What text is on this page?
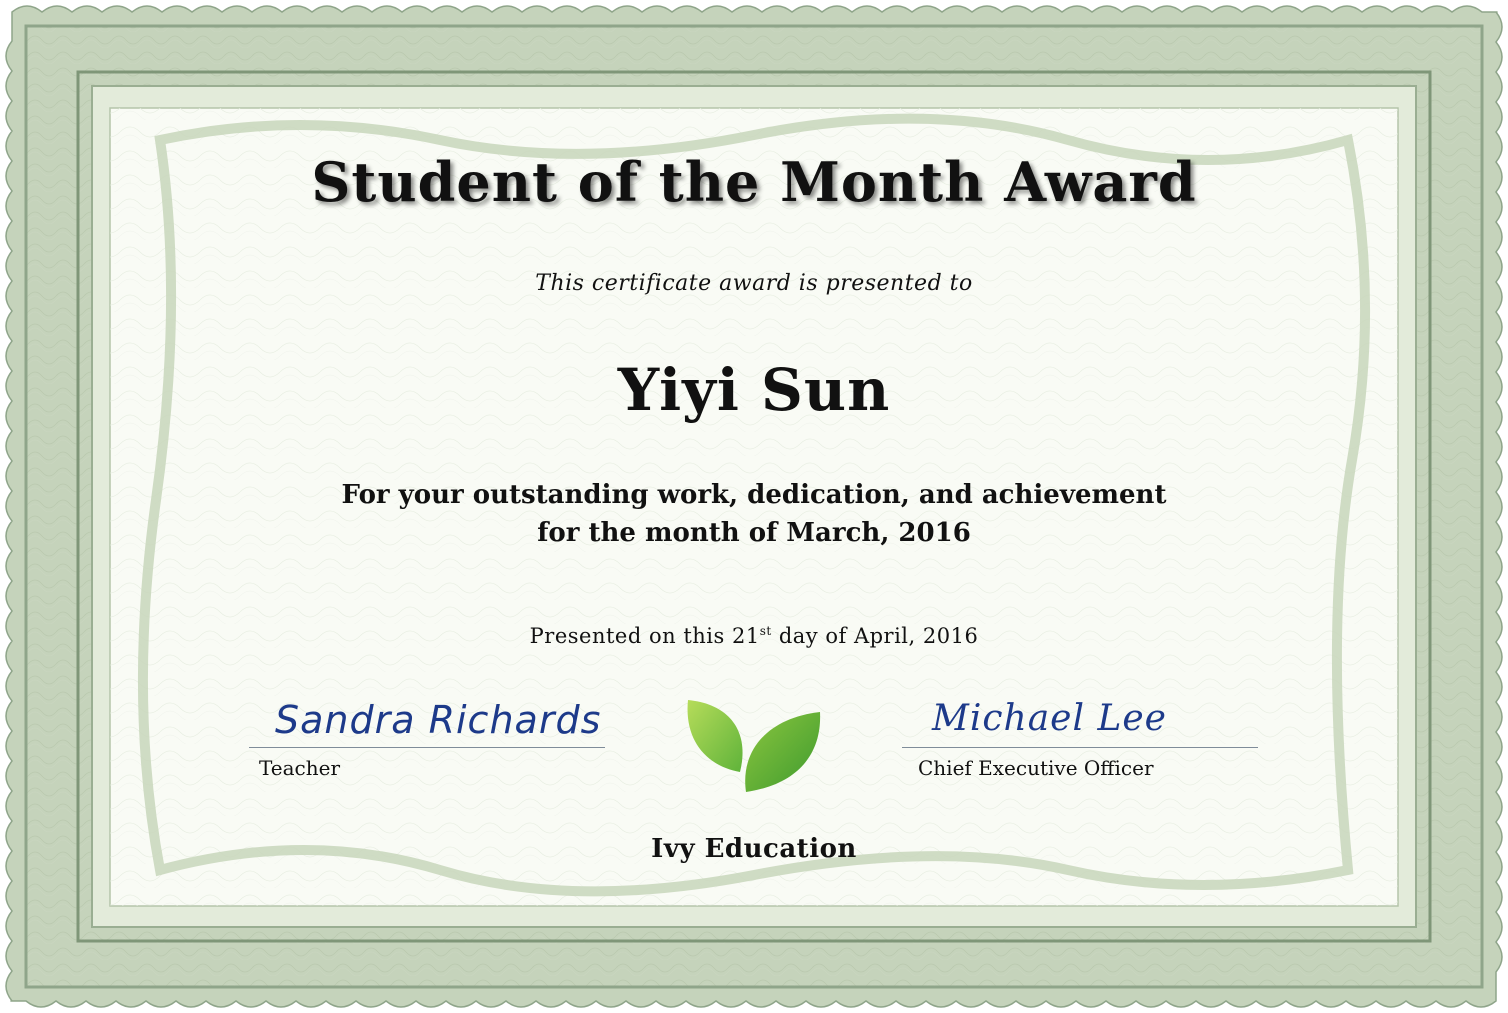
Student of the Month Award

This certificate award is presented to

Yiyi Sun

For your outstanding work, dedication, and achievement
for the month of March, 2016

Presented on this 21st day of April, 2016

Sandra Richards
Teacher
Michael Lee
Chief Executive Officer

Ivy Education
